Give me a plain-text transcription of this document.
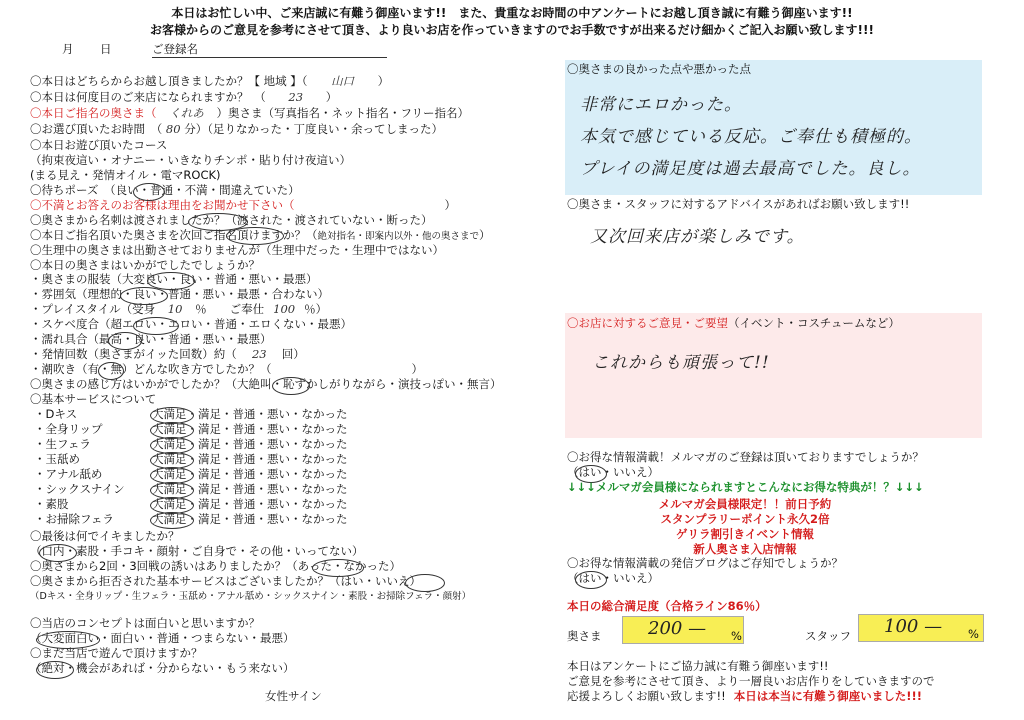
本日はお忙しい中、ご来店誠に有難う御座います!!　また、貴重なお時間の中アンケートにお越し頂き誠に有難う御座います!!
お客様からのご意見を参考にさせて頂き、より良いお店を作っていきますのでお手数ですが出来るだけ細かくご記入お願い致します!!!
月 日	ご登録名
〇本日はどちらからお越し頂きましたか？【 地域 】（ 山口 ）
〇本日は何度目のご来店になられますか？　（ 23 ）
〇本日ご指名の奥さま（ くれあ ）奥さま（写真指名・ネット指名・フリー指名）
〇お選び頂いたお時間　（ 80 分）（足りなかった・丁度良い・余ってしまった）
〇本日お遊び頂いたコース
（拘束夜這い・オナニー・いきなりチンポ・貼り付け夜這い）
(まる見え・発情オイル・電マROCK)
〇待ちポーズ　（良い・普通・不満・間違えていた）
〇不満とお答えのお客様は理由をお聞かせ下さい（	）
〇奥さまから名刺は渡されましたか？（渡された・渡されていない・断った）
〇本日ご指名頂いた奥さまを次回ご指名頂けますか？（絶対指名・即案内以外・他の奥さまで）
〇生理中の奥さまは出勤させておりませんが（生理中だった・生理中ではない）
〇本日の奥さまはいかがでしたでしょうか？
・奥さまの服装（大変良い・良い・普通・悪い・最悪）
・雰囲気（理想的・良い・普通・悪い・最悪・合わない）
・プレイスタイル（受身 10 ％　　ご奉仕 100 ％）
・スケベ度合（超エロい・エロい・普通・エロくない・最悪）
・濡れ具合（最高・良い・普通・悪い・最悪）
・発情回数（奥さまがイッた回数）約（ 23 回）
・潮吹き（有・無）どんな吹き方でしたか？（	）
〇奥さまの感じ方はいかがでしたか？（大絶叫・恥ずかしがりながら・演技っぽい・無言）
〇基本サービスについて
・Dキス	大満足・満足・普通・悪い・なかった
・全身リップ	大満足・満足・普通・悪い・なかった
・生フェラ	大満足・満足・普通・悪い・なかった
・玉舐め	大満足・満足・普通・悪い・なかった
・アナル舐め	大満足・満足・普通・悪い・なかった
・シックスナイン 大満足・満足・普通・悪い・なかった
・素股	大満足・満足・普通・悪い・なかった
・お掃除フェラ	大満足・満足・普通・悪い・なかった
〇最後は何でイキましたか？
（口内・素股・手コキ・顔射・ご自身で・その他・いってない）
〇奥さまから2回・3回戦の誘いはありましたか？（あった・なかった）
〇奥さまから拒否された基本サービスはございましたか？（はい・いいえ）
（Dキス・全身リップ・生フェラ・玉舐め・アナル舐め・シックスナイン・素股・お掃除フェラ・顔射）
〇当店のコンセプトは面白いと思いますか？
（大変面白い・面白い・普通・つまらない・最悪）
〇まだ当店で遊んで頂けますか？
（絶対・機会があれば・分からない・もう来ない）
女性サイン
〇奥さまの良かった点や悪かった点
非常にエロかった。
本気で感じている反応。ご奉仕も積極的。
プレイの満足度は過去最高でした。良し。
〇奥さま・スタッフに対するアドバイスがあればお願い致します!!
又次回来店が楽しみです。
〇お店に対するご意見・ご要望（イベント・コスチュームなど）
これからも頑張って!!
〇お得な情報満載！メルマガのご登録は頂いておりますでしょうか？
（はい・いいえ）
↓↓↓メルマガ会員様になられますとこんなにお得な特典が！？↓↓↓
メルマガ会員様限定！！前日予約
スタンプラリーポイント永久2倍
ゲリラ割引きイベント情報
新人奥さま入店情報
〇お得な情報満載の発信ブログはご存知でしょうか？
（はい・いいえ）
本日の総合満足度（合格ライン86％）
奥さま	200 — %	スタッフ 100 — %
本日はアンケートにご協力誠に有難う御座います!!
ご意見を参考にさせて頂き、より一層良いお店作りをしていきますので
応援よろしくお願い致します!! 本日は本当に有難う御座いました!!!
